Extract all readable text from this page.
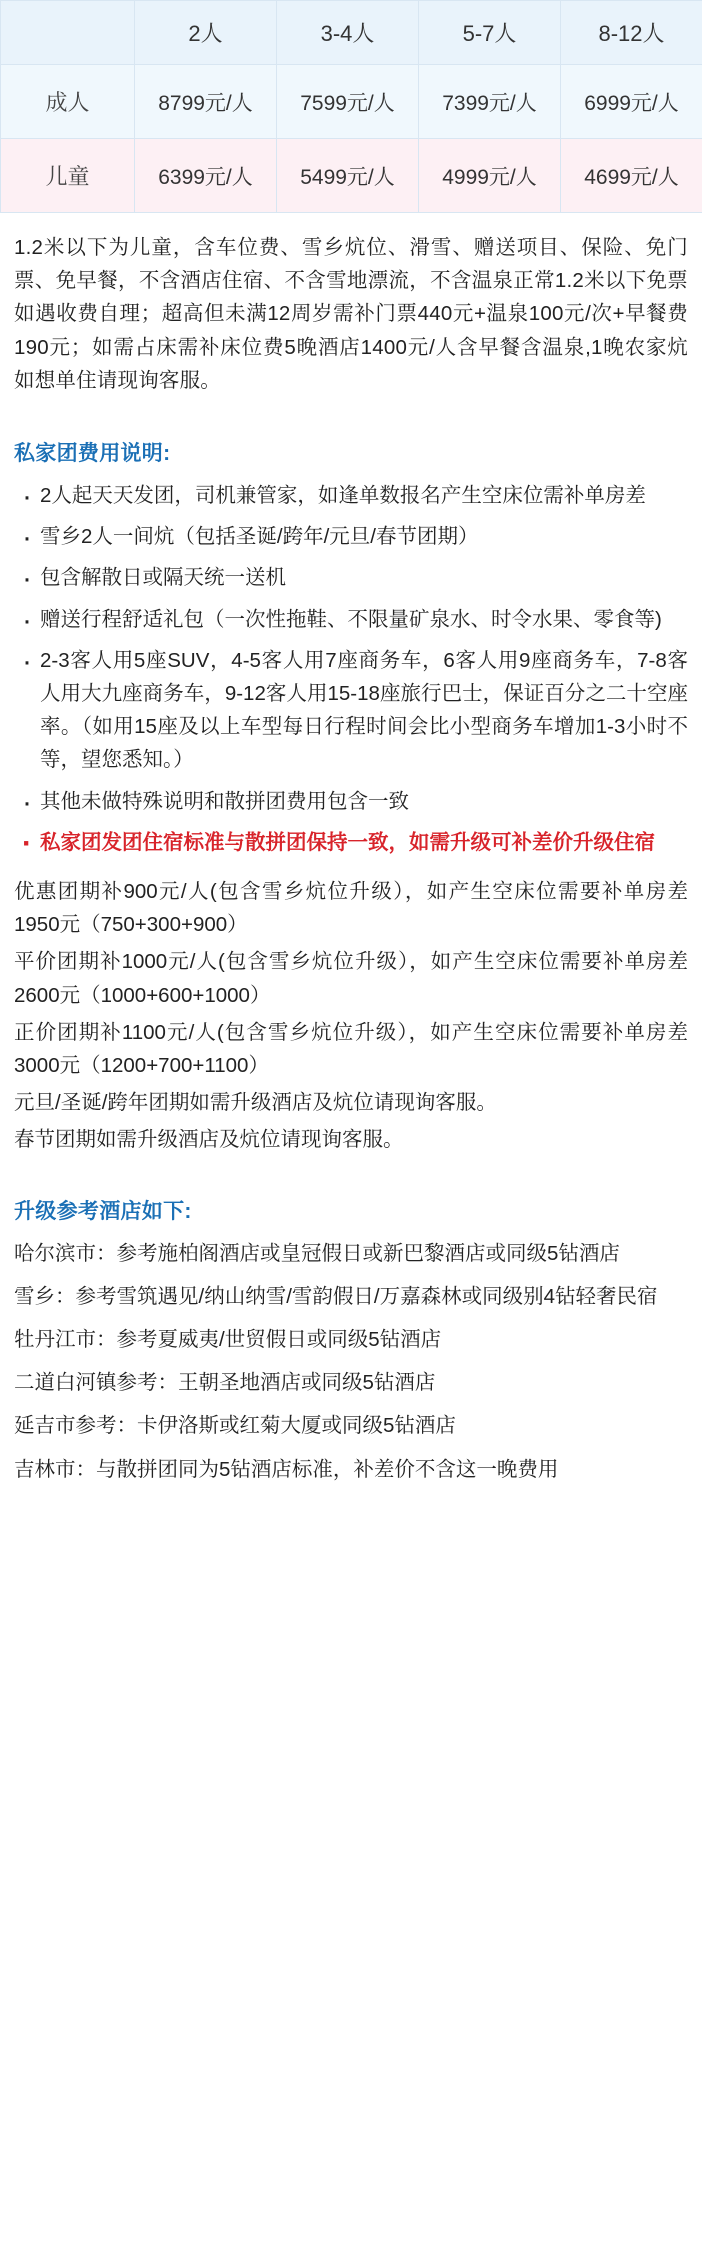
	2人	3-4人	5-7人	8-12人
成人	8799元/人	7599元/人	7399元/人	6999元/人
儿童	6399元/人	5499元/人	4999元/人	4699元/人

1.2米以下为儿童，含车位费、雪乡炕位、滑雪、赠送项目、保险、免门票、免早餐，不含酒店住宿、不含雪地漂流，不含温泉正常1.2米以下免票如遇收费自理；超高但未满12周岁需补门票440元+温泉100元/次+早餐费190元；如需占床需补床位费5晚酒店1400元/人含早餐含温泉,1晚农家炕如想单住请现询客服。

私家团费用说明:
· 2人起天天发团，司机兼管家，如逢单数报名产生空床位需补单房差
· 雪乡2人一间炕（包括圣诞/跨年/元旦/春节团期）
· 包含解散日或隔天统一送机
· 赠送行程舒适礼包（一次性拖鞋、不限量矿泉水、时令水果、零食等)
· 2-3客人用5座SUV，4-5客人用7座商务车，6客人用9座商务车，7-8客人用大九座商务车，9-12客人用15-18座旅行巴士，保证百分之二十空座率。（如用15座及以上车型每日行程时间会比小型商务车增加1-3小时不等，望您悉知。）
· 其他未做特殊说明和散拼团费用包含一致
· 私家团发团住宿标准与散拼团保持一致，如需升级可补差价升级住宿

优惠团期补900元/人(包含雪乡炕位升级），如产生空床位需要补单房差1950元（750+300+900）

平价团期补1000元/人(包含雪乡炕位升级），如产生空床位需要补单房差2600元（1000+600+1000）

正价团期补1100元/人(包含雪乡炕位升级），如产生空床位需要补单房差3000元（1200+700+1100）

元旦/圣诞/跨年团期如需升级酒店及炕位请现询客服。

春节团期如需升级酒店及炕位请现询客服。

升级参考酒店如下:

哈尔滨市：参考施柏阁酒店或皇冠假日或新巴黎酒店或同级5钻酒店

雪乡：参考雪筑遇见/纳山纳雪/雪韵假日/万嘉森林或同级别4钻轻奢民宿

牡丹江市：参考夏威夷/世贸假日或同级5钻酒店

二道白河镇参考：王朝圣地酒店或同级5钻酒店

延吉市参考：卡伊洛斯或红菊大厦或同级5钻酒店

吉林市：与散拼团同为5钻酒店标准，补差价不含这一晚费用
